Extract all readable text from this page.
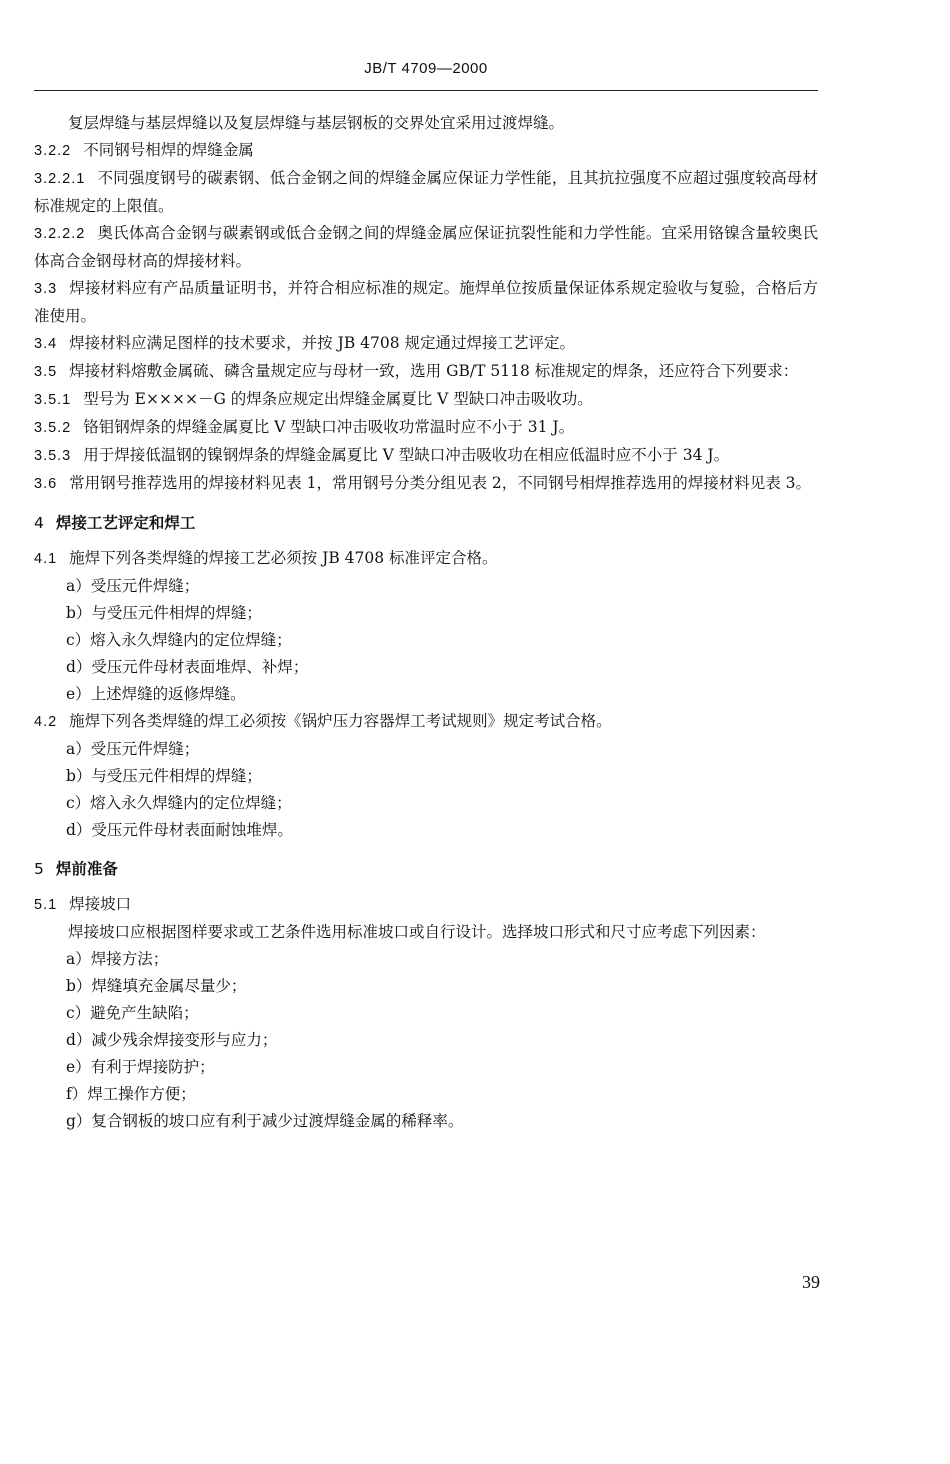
JB/T 4709—2000

复层焊缝与基层焊缝以及复层焊缝与基层钢板的交界处宜采用过渡焊缝。

3.2.2 不同钢号相焊的焊缝金属

3.2.2.1 不同强度钢号的碳素钢、低合金钢之间的焊缝金属应保证力学性能，且其抗拉强度不应超过强度较高母材标准规定的上限值。

3.2.2.2 奥氏体高合金钢与碳素钢或低合金钢之间的焊缝金属应保证抗裂性能和力学性能。宜采用铬镍含量较奥氏体高合金钢母材高的焊接材料。

3.3 焊接材料应有产品质量证明书，并符合相应标准的规定。施焊单位按质量保证体系规定验收与复验，合格后方准使用。

3.4 焊接材料应满足图样的技术要求，并按 JB 4708 规定通过焊接工艺评定。

3.5 焊接材料熔敷金属硫、磷含量规定应与母材一致，选用 GB/T 5118 标准规定的焊条，还应符合下列要求：

3.5.1 型号为 E××××－G 的焊条应规定出焊缝金属夏比 V 型缺口冲击吸收功。

3.5.2 铬钼钢焊条的焊缝金属夏比 V 型缺口冲击吸收功常温时应不小于 31 J。

3.5.3 用于焊接低温钢的镍钢焊条的焊缝金属夏比 V 型缺口冲击吸收功在相应低温时应不小于 34 J。

3.6 常用钢号推荐选用的焊接材料见表 1，常用钢号分类分组见表 2，不同钢号相焊推荐选用的焊接材料见表 3。

4 焊接工艺评定和焊工

4.1 施焊下列各类焊缝的焊接工艺必须按 JB 4708 标准评定合格。

a）受压元件焊缝；

b）与受压元件相焊的焊缝；

c）熔入永久焊缝内的定位焊缝；

d）受压元件母材表面堆焊、补焊；

e）上述焊缝的返修焊缝。

4.2 施焊下列各类焊缝的焊工必须按《锅炉压力容器焊工考试规则》规定考试合格。

a）受压元件焊缝；

b）与受压元件相焊的焊缝；

c）熔入永久焊缝内的定位焊缝；

d）受压元件母材表面耐蚀堆焊。

5 焊前准备

5.1 焊接坡口

焊接坡口应根据图样要求或工艺条件选用标准坡口或自行设计。选择坡口形式和尺寸应考虑下列因素：

a）焊接方法；

b）焊缝填充金属尽量少；

c）避免产生缺陷；

d）减少残余焊接变形与应力；

e）有利于焊接防护；

f）焊工操作方便；

g）复合钢板的坡口应有利于减少过渡焊缝金属的稀释率。

39
